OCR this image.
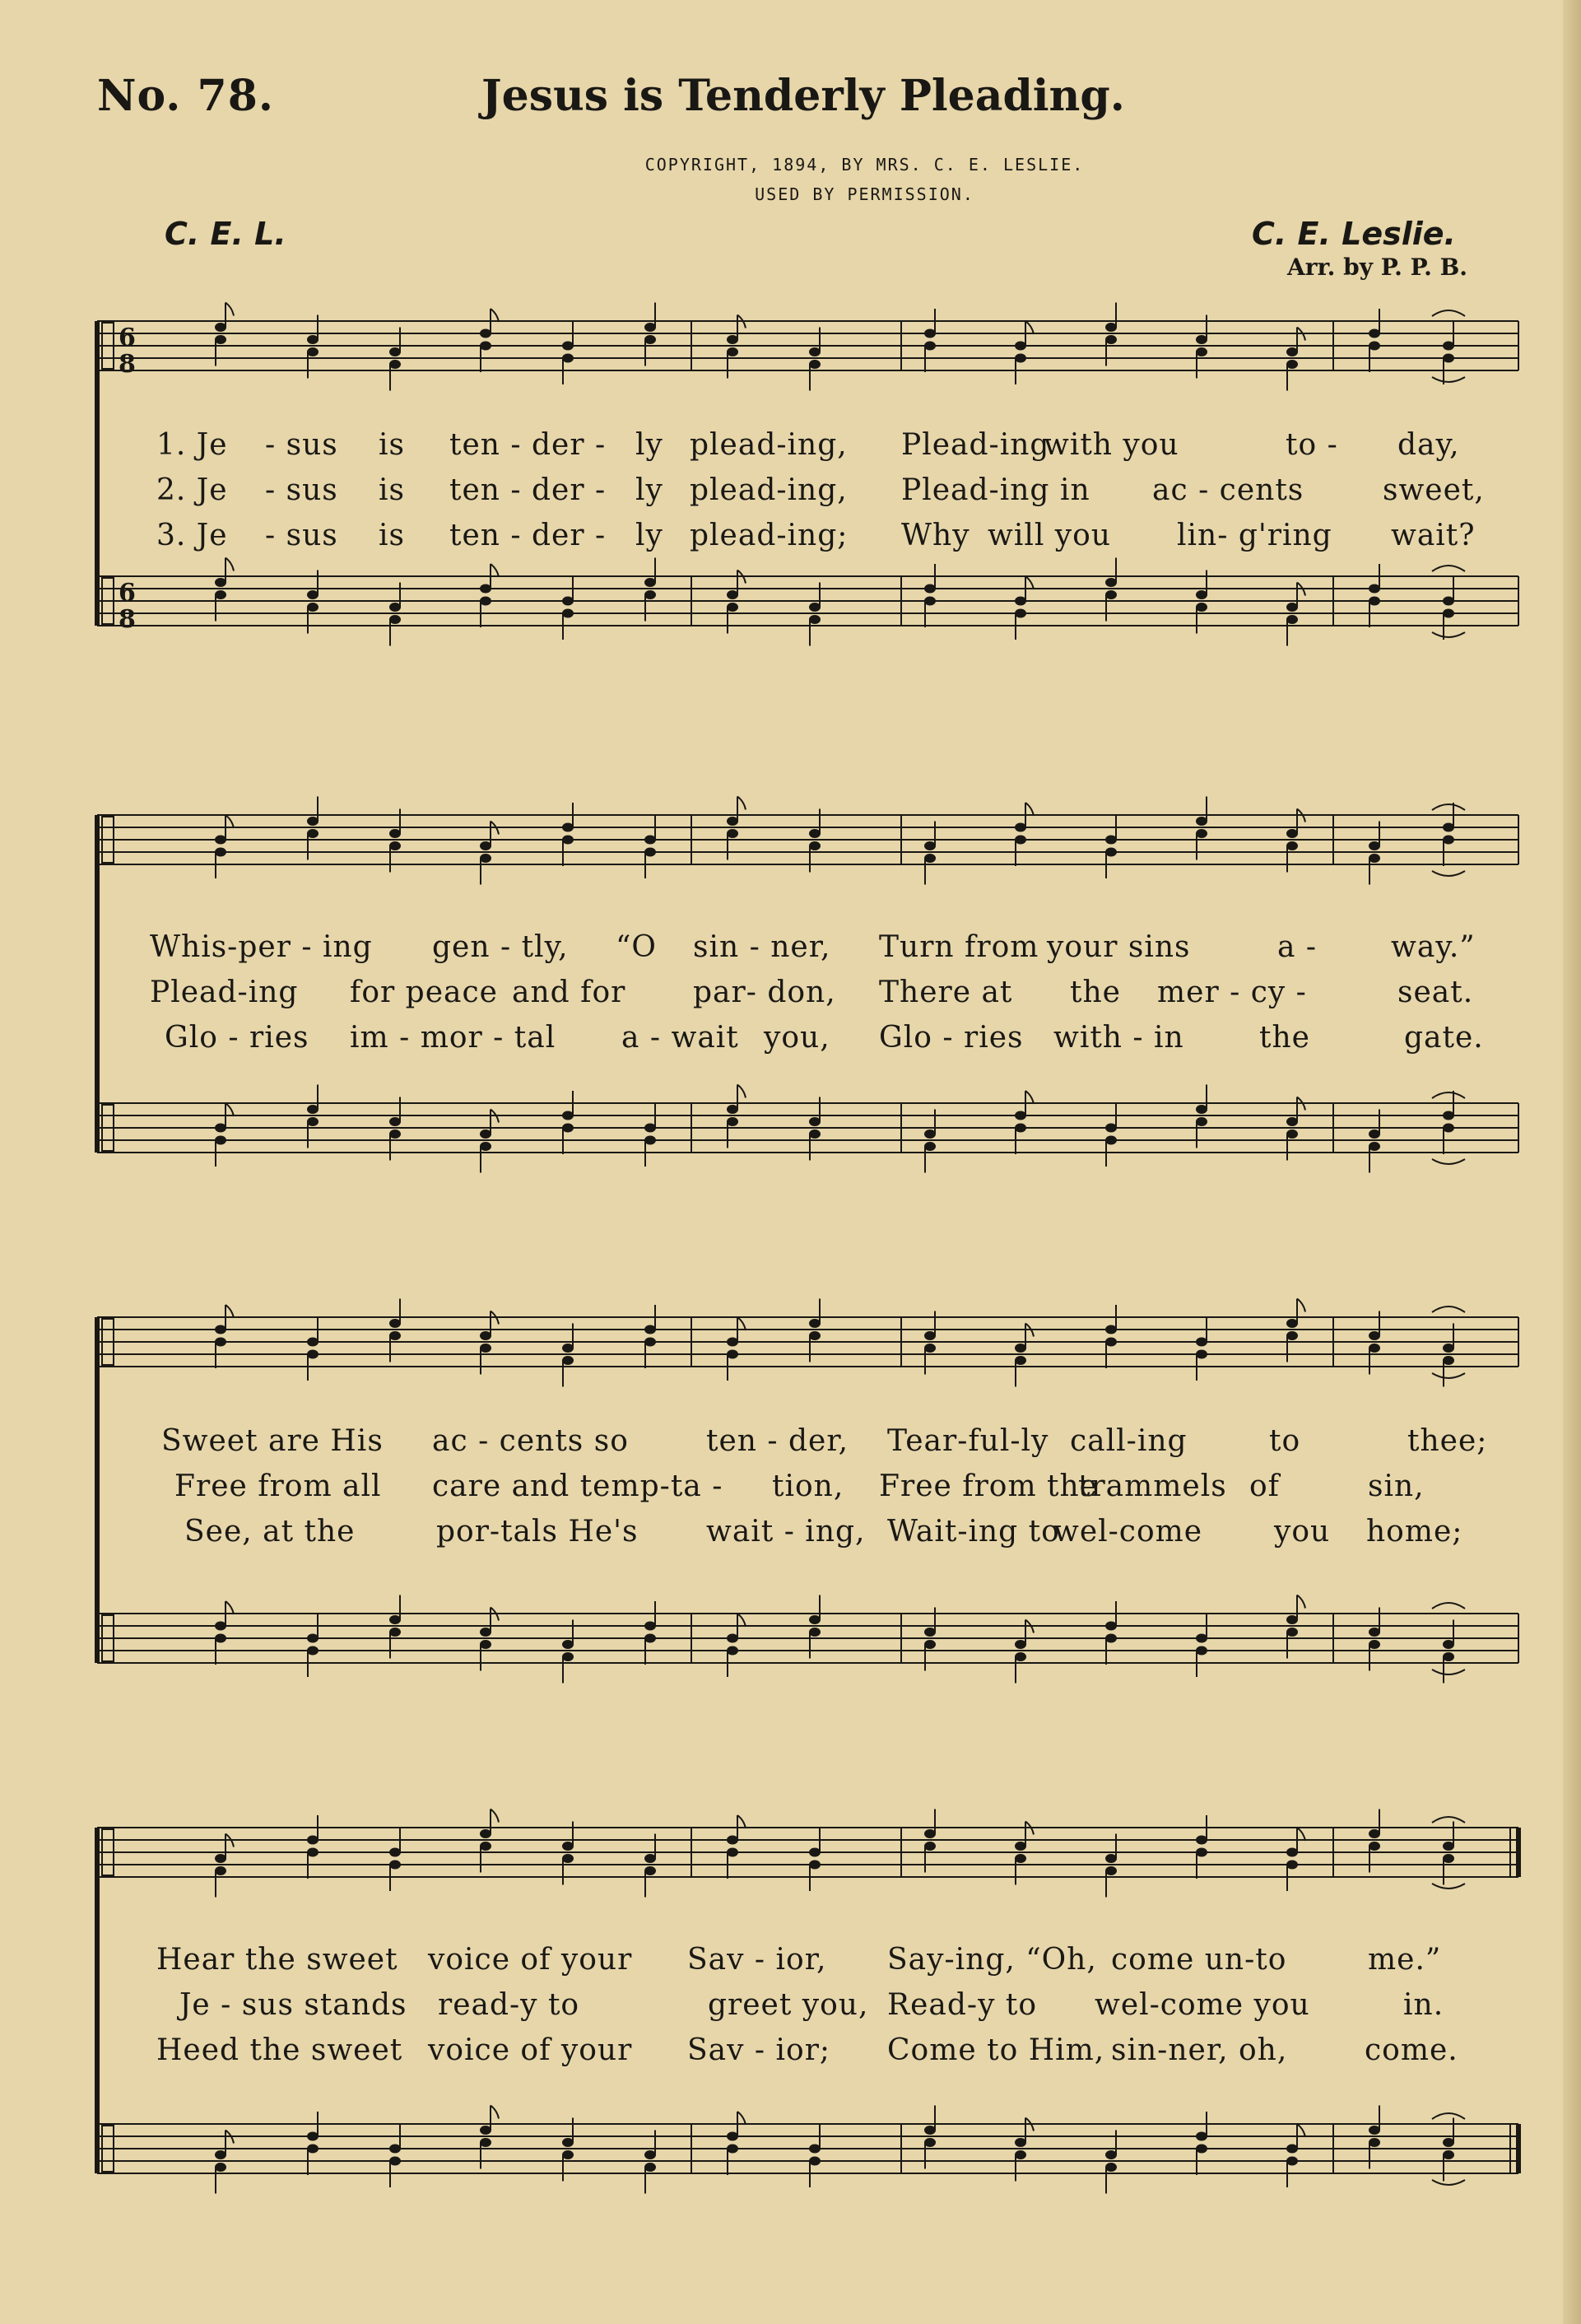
No. 78.	Jesus is Tenderly Pleading.
COPYRIGHT, 1894, BY MRS. C. E. LESLIE.
USED BY PERMISSION.
C. E. L.	C. E. Leslie.
Arr. by P. P. B.
6
8
6
8
1. Je - sus is ten - der - ly plead-ing, Plead-ing
with you	to - day,
2. Je - sus is ten - der - ly plead-ing, Plead-ing in ac - cents	sweet,
3. Je - sus is ten - der - ly plead-ing; Why will you lin- g'ring wait?
Whis-per - ing gen - tly, “O sin - ner, Turn from your sins	a - way.”
Plead-ing for peace and for par- don, There at the mer - cy -	seat.
Glo - ries im - mor - tal a - wait you, Glo - ries with - in	the	gate.
Sweet are His ac - cents so	ten - der, Tear-ful-ly call-ing	to	thee;
Free from all care and temp-ta - tion, Free from the
trammels of	sin,
See, at the	por-tals He's wait - ing, Wait-ing to
wel-come you home;
Hear the sweet voice of your Sav - ior, Say-ing, “Oh, come un-to	me.”
Je - sus stands read-y to	greet you, Read-y to wel-come you	in.
Heed the sweet voice of your Sav - ior; Come to Him, sin-ner, oh,	come.
